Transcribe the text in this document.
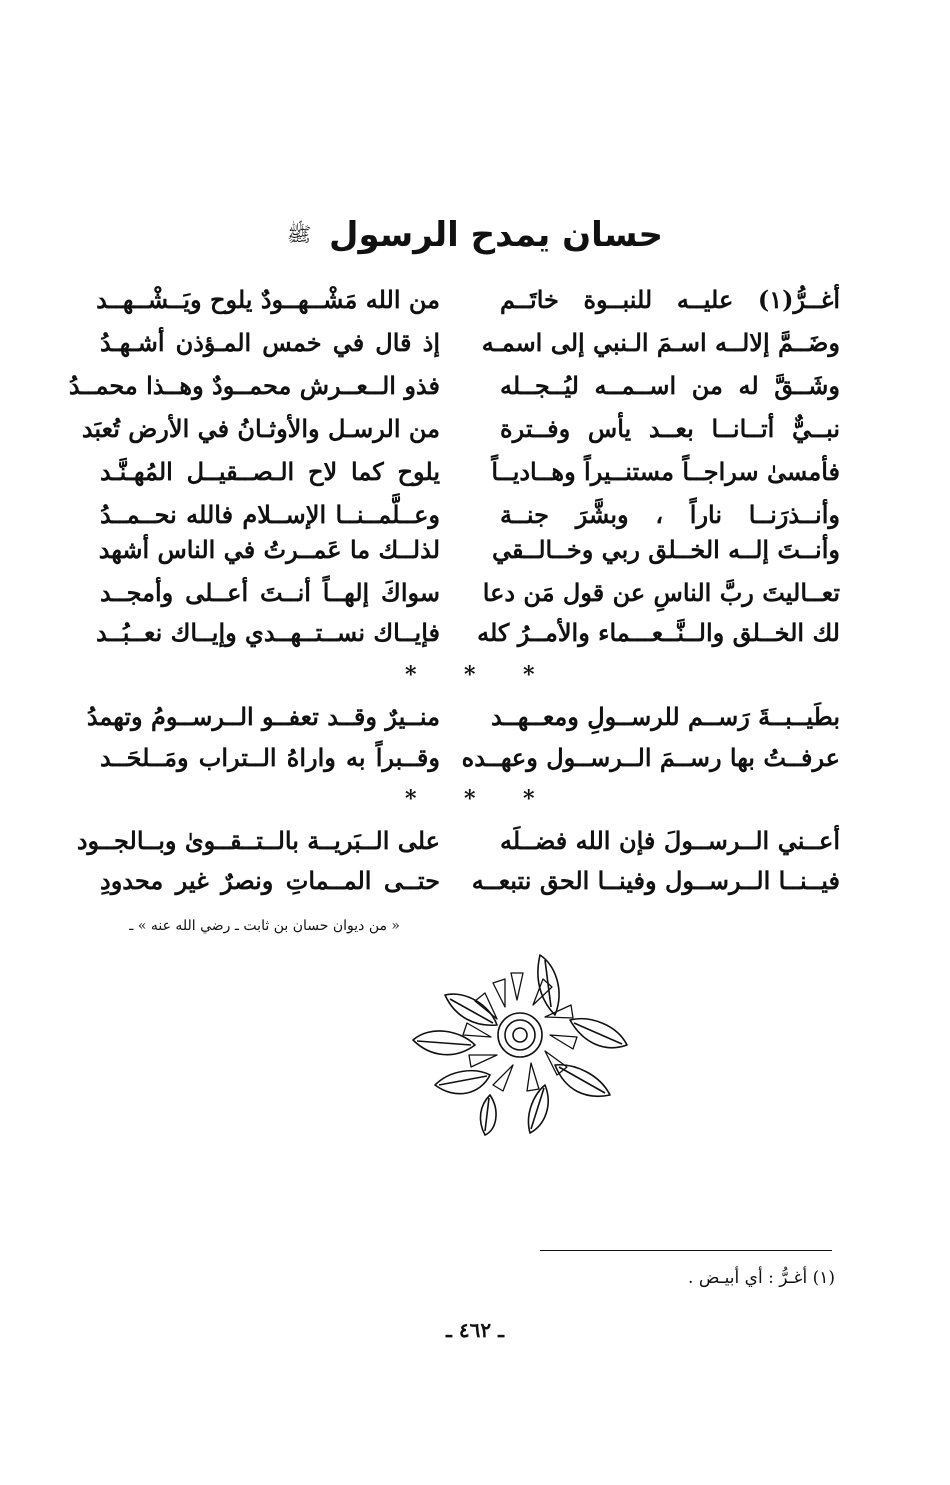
حسان يمدح الرسول ﷺ
أغــرُّ(١) عليــه للنبــوة خاتَــم
من الله مَشْــهــودٌ يلوح ويَــشْــهــد
وضَــمَّ إلالــه اسـمَ الـنبي إلى اسمـه
إذ قال في خمس المـؤذن أشـهـدُ
وشَــقَّ له من اســمــه ليُــجــله
فذو الــعــرش محمــودٌ وهــذا محمــدُ
نبــيٌّ أتــانــا بعــد يأس وفــترة
من الرسـل والأوثـانُ في الأرض تُعبَد
فأمسىٰ سراجــاً مستنــيراً وهــاديــاً
يلوح كما لاح الـصــقيــل المُهـنَّـد
وأنــذرَنــا ناراً ، وبشَّرَ جنــة
وعــلَّمــنــا الإســلام فالله نحــمــدُ
وأنــتَ إلــه الخــلق ربي وخــالــقي
لذلــك ما عَمــرتُ في الناس أشهد
تعــاليتَ ربَّ الناسِ عن قول مَن دعا
سواكَ إلهــاً أنــتَ أعــلى وأمجــد
لك الخــلق والــنَّــعـــماء والأمــرُ كله
فإيــاك نســتــهــدي وإيــاك نعــبُــد
*
*
*
بطَيــبــةَ رَســم للرســولِ ومعــهــد
منــيرٌ وقــد تعفــو الــرســومُ وتهمدُ
عرفــتُ بها رســمَ الــرســول وعهــده
وقــبراً به واراهُ الــتراب ومَــلحَــد
*
*
*
أعــني الــرســولَ فإن الله فضــلَه
على الــبَريــة بالــتــقــوىٰ وبــالجــود
فيــنــا الــرســول وفينــا الحق نتبعــه
حتــى المــماتِ ونصرٌ غير محدودِ
« من ديوان حسان بن ثابت ـ رضي الله عنه » ـ
(١) أغـرُّ : أي أبيـض .
ـ ٤٦٢ ـ
